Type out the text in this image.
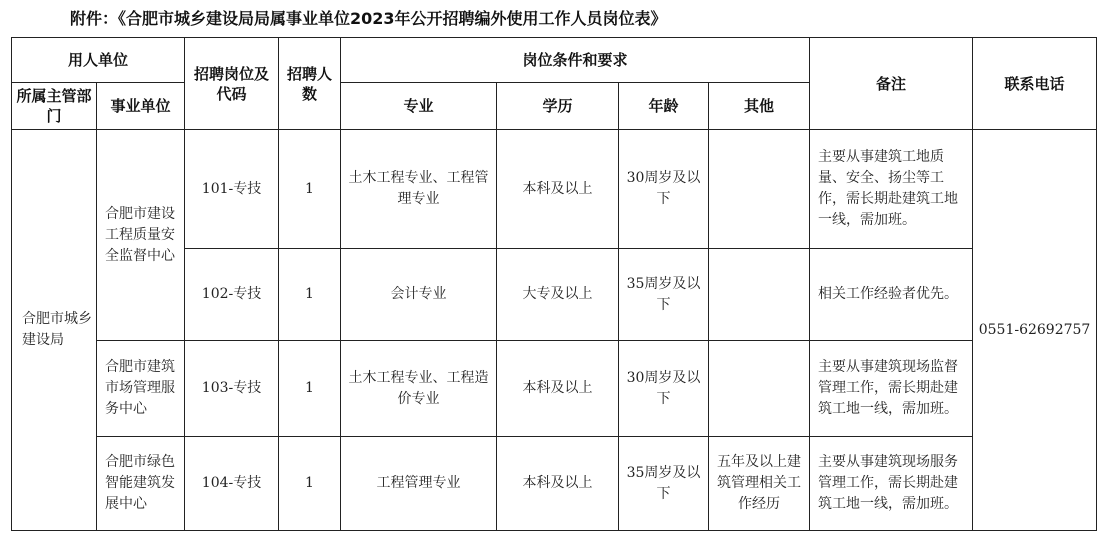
附件：《合肥市城乡建设局局属事业单位2023年公开招聘编外使用工作人员岗位表》
用人单位		招聘岗位及代码	招聘人数	岗位条件和要求				备注	联系电话
所属主管部门	事业单位			专业	学历	年龄	其他		
合肥市城乡建设局	合肥市建设工程质量安全监督中心	101-专技	1	土木工程专业、工程管理专业	本科及以上	30周岁及以下		主要从事建筑工地质量、安全、扬尘等工作，需长期赴建筑工地一线，需加班。	0551-62692757
		102-专技	1	会计专业	大专及以上	35周岁及以下		相关工作经验者优先。	
	合肥市建筑市场管理服务中心	103-专技	1	土木工程专业、工程造价专业	本科及以上	30周岁及以下		主要从事建筑现场监督管理工作，需长期赴建筑工地一线，需加班。	
	合肥市绿色智能建筑发展中心	104-专技	1	工程管理专业	本科及以上	35周岁及以下	五年及以上建筑管理相关工作经历	主要从事建筑现场服务管理工作，需长期赴建筑工地一线，需加班。	
